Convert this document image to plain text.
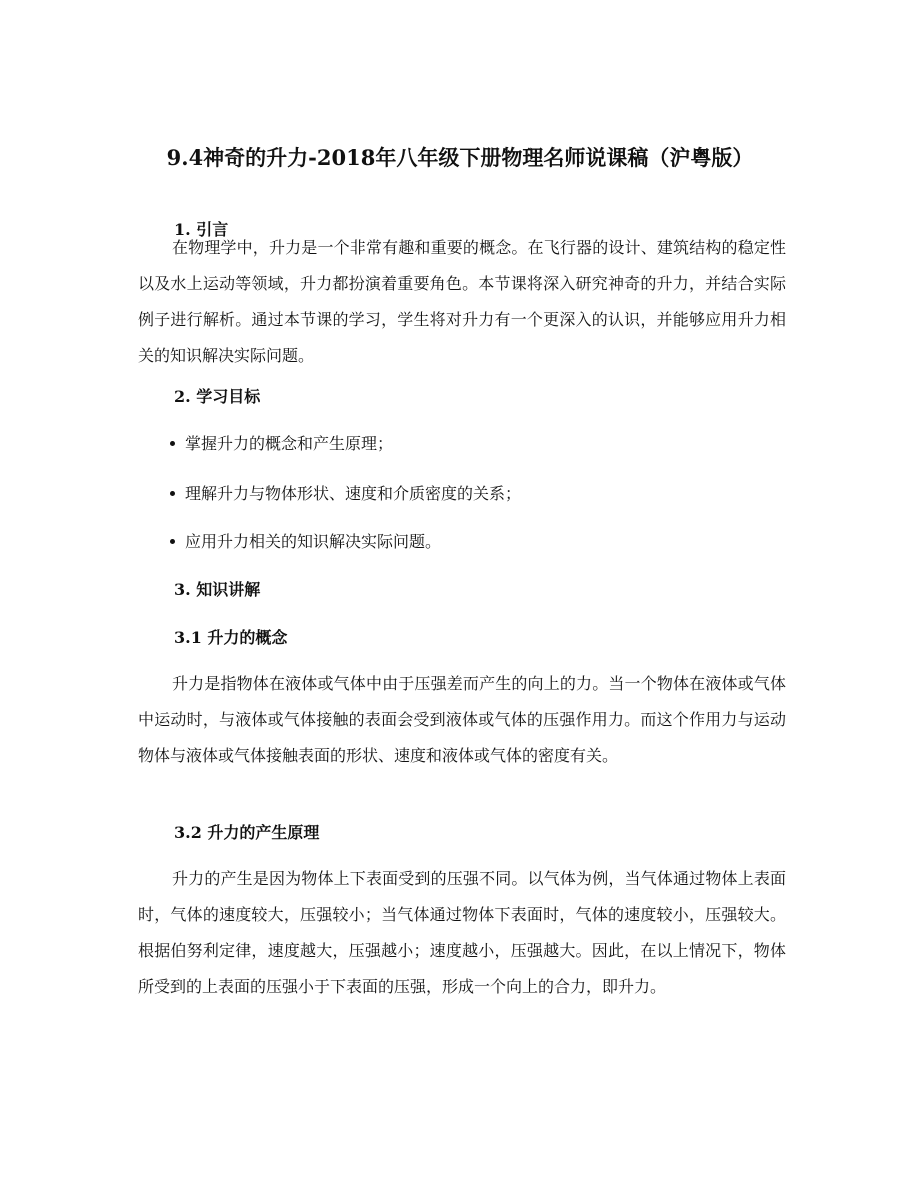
9.4神奇的升力-2018年八年级下册物理名师说课稿（沪粤版）
1. 引言

在物理学中，升力是一个非常有趣和重要的概念。在飞行器的设计、建筑结构的稳定性以及水上运动等领域，升力都扮演着重要角色。本节课将深入研究神奇的升力，并结合实际例子进行解析。通过本节课的学习，学生将对升力有一个更深入的认识，并能够应用升力相关的知识解决实际问题。

2. 学习目标
掌握升力的概念和产生原理；
理解升力与物体形状、速度和介质密度的关系；
应用升力相关的知识解决实际问题。
3. 知识讲解
3.1 升力的概念

升力是指物体在液体或气体中由于压强差而产生的向上的力。当一个物体在液体或气体中运动时，与液体或气体接触的表面会受到液体或气体的压强作用力。而这个作用力与运动物体与液体或气体接触表面的形状、速度和液体或气体的密度有关。

3.2 升力的产生原理

升力的产生是因为物体上下表面受到的压强不同。以气体为例，当气体通过物体上表面时，气体的速度较大，压强较小；当气体通过物体下表面时，气体的速度较小，压强较大。根据伯努利定律，速度越大，压强越小；速度越小，压强越大。因此，在以上情况下，物体所受到的上表面的压强小于下表面的压强，形成一个向上的合力，即升力。
